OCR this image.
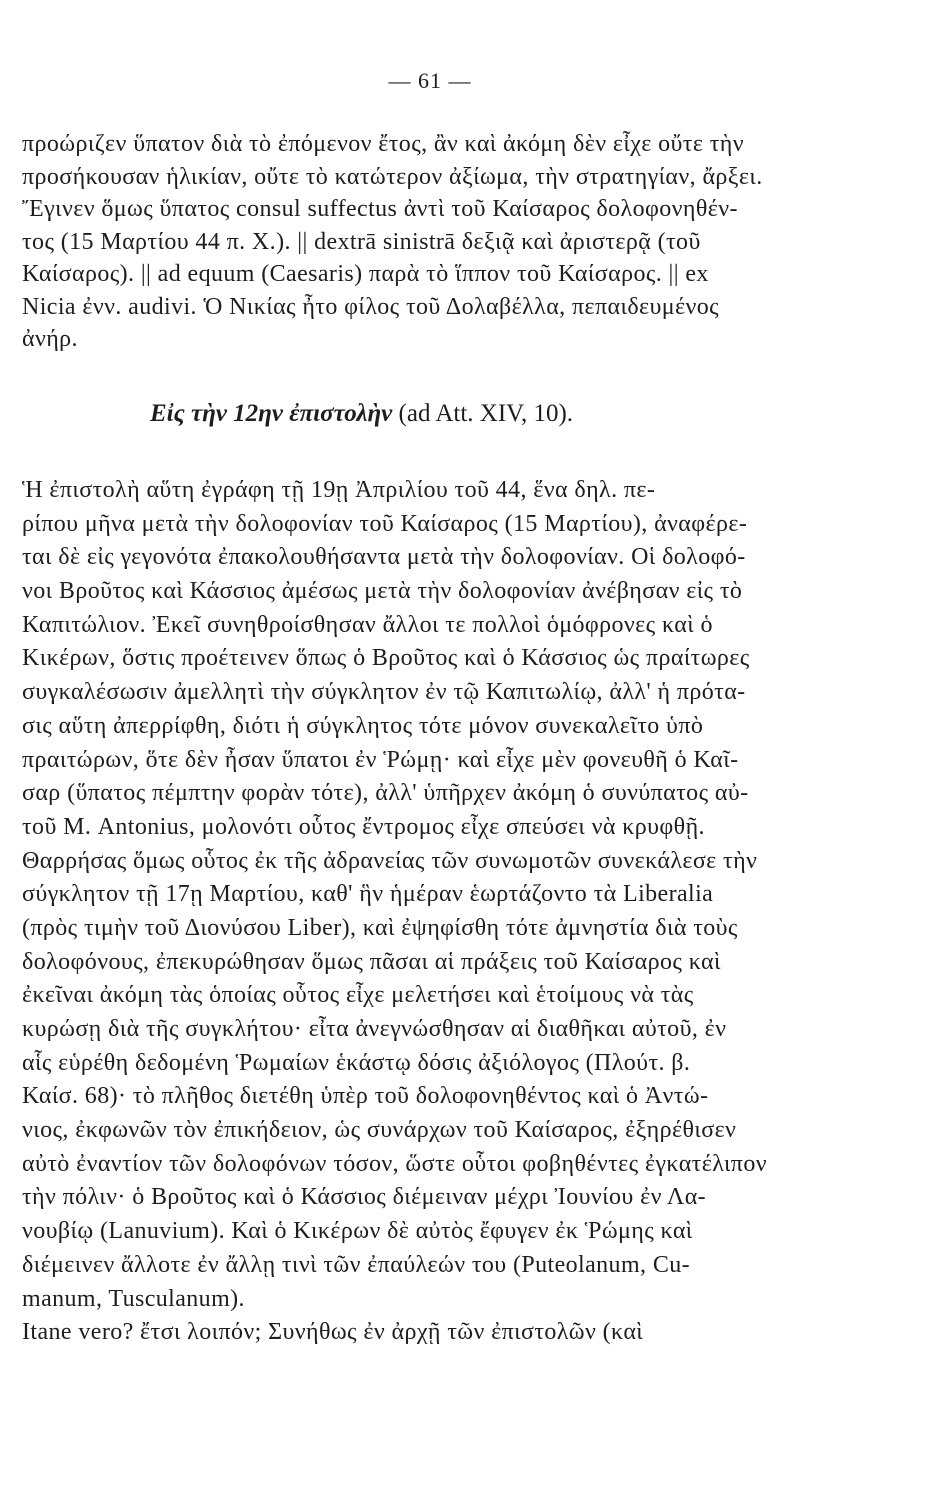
— 61 —
προώριζεν ὕπατον διὰ τὸ ἐπόμενον ἔτος, ἂν καὶ ἀκόμη δὲν εἶχε οὔτε τὴν
προσήκουσαν ἡλικίαν, οὔτε τὸ κατώτερον ἀξίωμα, τὴν στρατηγίαν, ἄρξει.
Ἔγινεν ὅμως ὕπατος consul suffectus ἀντὶ τοῦ Καίσαρος δολοφονηθέν-
τος (15 Μαρτίου 44 π. Χ.). || dextrā sinistrā δεξιᾷ καὶ ἀριστερᾷ (τοῦ
Καίσαρος). || ad equum (Caesaris) παρὰ τὸ ἵππον τοῦ Καίσαρος. || ex
Nicia ἐνν. audivi. Ὁ Νικίας ἦτο φίλος τοῦ Δολαβέλλα, πεπαιδευμένος
ἀνήρ.
Εἰς τὴν 12ην ἐπιστολὴν (ad Att. XIV, 10).
Ἡ ἐπιστολὴ αὕτη ἐγράφη τῇ 19ῃ Ἀπριλίου τοῦ 44, ἕνα δηλ. πε-
ρίπου μῆνα μετὰ τὴν δολοφονίαν τοῦ Καίσαρος (15 Μαρτίου), ἀναφέρε-
ται δὲ εἰς γεγονότα ἐπακολουθήσαντα μετὰ τὴν δολοφονίαν. Οἱ δολοφό-
νοι Βροῦτος καὶ Κάσσιος ἀμέσως μετὰ τὴν δολοφονίαν ἀνέβησαν εἰς τὸ
Καπιτώλιον. Ἐκεῖ συνηθροίσθησαν ἄλλοι τε πολλοὶ ὁμόφρονες καὶ ὁ
Κικέρων, ὅστις προέτεινεν ὅπως ὁ Βροῦτος καὶ ὁ Κάσσιος ὡς πραίτωρες
συγκαλέσωσιν ἀμελλητὶ τὴν σύγκλητον ἐν τῷ Καπιτωλίῳ, ἀλλ' ἡ πρότα-
σις αὕτη ἀπερρίφθη, διότι ἡ σύγκλητος τότε μόνον συνεκαλεῖτο ὑπὸ
πραιτώρων, ὅτε δὲν ἦσαν ὕπατοι ἐν Ῥώμῃ· καὶ εἶχε μὲν φονευθῆ ὁ Καῖ-
σαρ (ὕπατος πέμπτην φορὰν τότε), ἀλλ' ὑπῆρχεν ἀκόμη ὁ συνύπατος αὐ-
τοῦ Μ. Antonius, μολονότι οὗτος ἔντρομος εἶχε σπεύσει νὰ κρυφθῇ.
Θαρρήσας ὅμως οὗτος ἐκ τῆς ἀδρανείας τῶν συνωμοτῶν συνεκάλεσε τὴν
σύγκλητον τῇ 17ῃ Μαρτίου, καθ' ἣν ἡμέραν ἑωρτάζοντο τὰ Liberalia
(πρὸς τιμὴν τοῦ Διονύσου Liber), καὶ ἐψηφίσθη τότε ἀμνηστία διὰ τοὺς
δολοφόνους, ἐπεκυρώθησαν ὅμως πᾶσαι αἱ πράξεις τοῦ Καίσαρος καὶ
ἐκεῖναι ἀκόμη τὰς ὁποίας οὗτος εἶχε μελετήσει καὶ ἑτοίμους νὰ τὰς
κυρώσῃ διὰ τῆς συγκλήτου· εἶτα ἀνεγνώσθησαν αἱ διαθῆκαι αὐτοῦ, ἐν
αἷς εὑρέθη δεδομένη Ῥωμαίων ἑκάστῳ δόσις ἀξιόλογος (Πλούτ. β.
Καίσ. 68)· τὸ πλῆθος διετέθη ὑπὲρ τοῦ δολοφονηθέντος καὶ ὁ Ἀντώ-
νιος, ἐκφωνῶν τὸν ἐπικήδειον, ὡς συνάρχων τοῦ Καίσαρος, ἐξηρέθισεν
αὐτὸ ἐναντίον τῶν δολοφόνων τόσον, ὥστε οὗτοι φοβηθέντες ἐγκατέλιπον
τὴν πόλιν· ὁ Βροῦτος καὶ ὁ Κάσσιος διέμειναν μέχρι Ἰουνίου ἐν Λα-
νουβίῳ (Lanuvium). Καὶ ὁ Κικέρων δὲ αὐτὸς ἔφυγεν ἐκ Ῥώμης καὶ
διέμεινεν ἄλλοτε ἐν ἄλλῃ τινὶ τῶν ἐπαύλεών του (Puteolanum, Cu-
manum, Tusculanum).
Itane vero? ἔτσι λοιπόν; Συνήθως ἐν ἀρχῇ τῶν ἐπιστολῶν (καὶ
